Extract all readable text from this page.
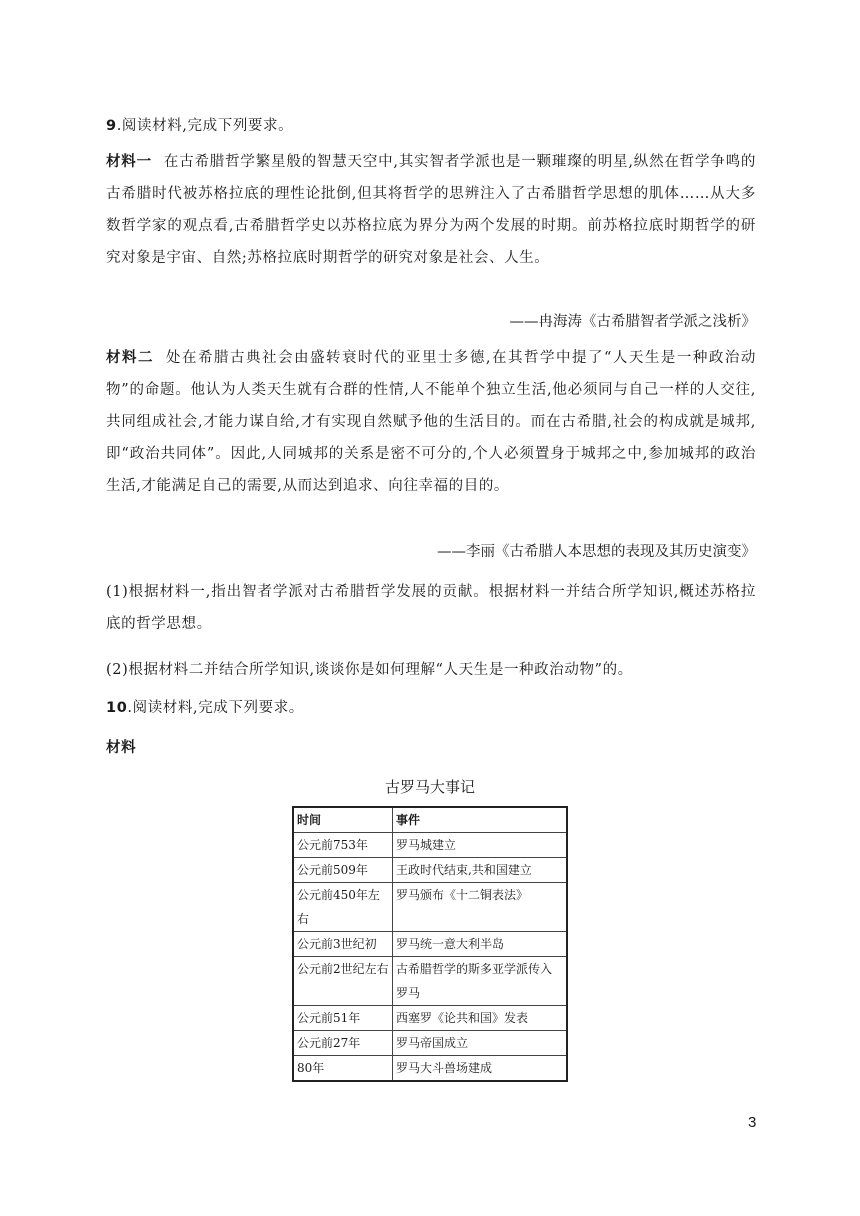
9.阅读材料,完成下列要求。

材料一 在古希腊哲学繁星般的智慧天空中,其实智者学派也是一颗璀璨的明星,纵然在哲学争鸣的古希腊时代被苏格拉底的理性论批倒,但其将哲学的思辨注入了古希腊哲学思想的肌体……从大多数哲学家的观点看,古希腊哲学史以苏格拉底为界分为两个发展的时期。前苏格拉底时期哲学的研究对象是宇宙、自然;苏格拉底时期哲学的研究对象是社会、人生。

——冉海涛《古希腊智者学派之浅析》

材料二 处在希腊古典社会由盛转衰时代的亚里士多德,在其哲学中提了“人天生是一种政治动物”的命题。他认为人类天生就有合群的性情,人不能单个独立生活,他必须同与自己一样的人交往,共同组成社会,才能力谋自给,才有实现自然赋予他的生活目的。而在古希腊,社会的构成就是城邦,即“政治共同体”。因此,人同城邦的关系是密不可分的,个人必须置身于城邦之中,参加城邦的政治生活,才能满足自己的需要,从而达到追求、向往幸福的目的。

——李丽《古希腊人本思想的表现及其历史演变》

(1)根据材料一,指出智者学派对古希腊哲学发展的贡献。根据材料一并结合所学知识,概述苏格拉底的哲学思想。

(2)根据材料二并结合所学知识,谈谈你是如何理解“人天生是一种政治动物”的。

10.阅读材料,完成下列要求。

材料

古罗马大事记
时间	事件
公元前753年	罗马城建立
公元前509年	王政时代结束,共和国建立
公元前450年左右	罗马颁布《十二铜表法》
公元前3世纪初	罗马统一意大利半岛
公元前2世纪左右	古希腊哲学的斯多亚学派传入罗马
公元前51年	西塞罗《论共和国》发表
公元前27年	罗马帝国成立
80年	罗马大斗兽场建成
3
